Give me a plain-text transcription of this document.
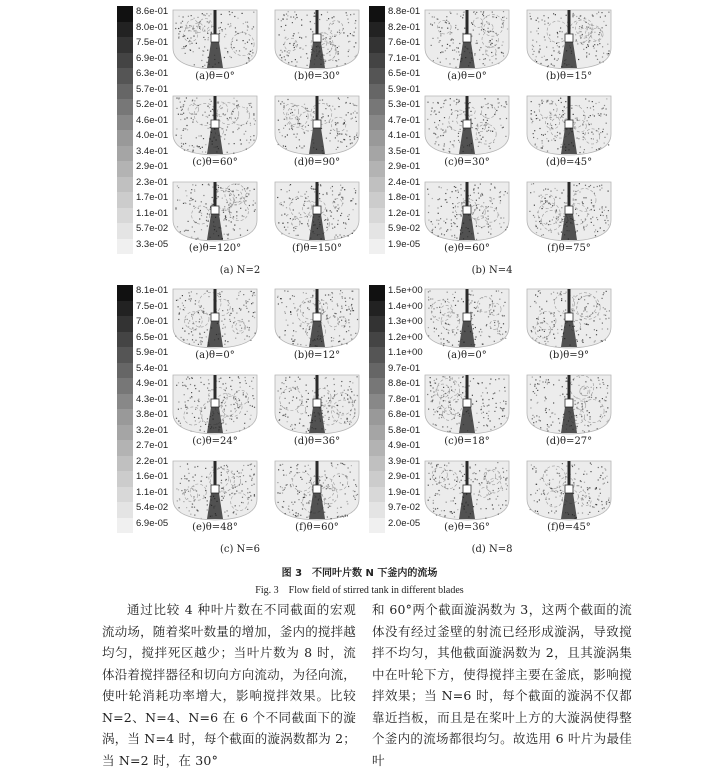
8.6e-01
8.0e-01
7.5e-01
6.9e-01
6.3e-01
5.7e-01
5.2e-01
4.6e-01
4.0e-01
3.4e-01
2.9e-01
2.3e-01
1.7e-01
1.1e-01
5.7e-02
3.3e-05
(a)θ=0°	(b)θ=30°
(c)θ=60°	(d)θ=90°
(e)θ=120°	(f)θ=150°
(a) N=2
8.8e-01
8.2e-01
7.6e-01
7.1e-01
6.5e-01
5.9e-01
5.3e-01
4.7e-01
4.1e-01
3.5e-01
2.9e-01
2.4e-01
1.8e-01
1.2e-01
5.9e-02
1.9e-05
(a)θ=0°	(b)θ=15°
(c)θ=30°	(d)θ=45°
(e)θ=60°	(f)θ=75°
(b) N=4
8.1e-01
7.5e-01
7.0e-01
6.5e-01
5.9e-01
5.4e-01
4.9e-01
4.3e-01
3.8e-01
3.2e-01
2.7e-01
2.2e-01
1.6e-01
1.1e-01
5.4e-02
6.9e-05
(a)θ=0°	(b)θ=12°
(c)θ=24°	(d)θ=36°
(e)θ=48°	(f)θ=60°
(c) N=6
1.5e+00
1.4e+00
1.3e+00
1.2e+00
1.1e+00
9.7e-01
8.8e-01
7.8e-01
6.8e-01
5.8e-01
4.9e-01
3.9e-01
2.9e-01
1.9e-01
9.7e-02
2.0e-05
(a)θ=0°	(b)θ=9°
(c)θ=18°	(d)θ=27°
(e)θ=36°	(f)θ=45°
(d) N=8
图 3　不同叶片数 N 下釜内的流场
Fig. 3　Flow field of stirred tank in different blades

通过比较 4 种叶片数在不同截面的宏观流动场，随着桨叶数量的增加，釜内的搅拌越均匀，搅拌死区越少；当叶片数为 8 时，流体沿着搅拌器径和切向方向流动，为径向流，使叶轮消耗功率增大，影响搅拌效果。比较 N=2、N=4、N=6 在 6 个不同截面下的漩涡，当 N=4 时，每个截面的漩涡数都为 2；当 N=2 时，在 30°

和 60°两个截面漩涡数为 3，这两个截面的流体没有经过釜壁的射流已经形成漩涡，导致搅拌不均匀，其他截面漩涡数为 2，且其漩涡集中在叶轮下方，使得搅拌主要在釜底，影响搅拌效果；当 N=6 时，每个截面的漩涡不仅都靠近挡板，而且是在桨叶上方的大漩涡使得整个釜内的流场都很均匀。故选用 6 叶片为最佳叶
